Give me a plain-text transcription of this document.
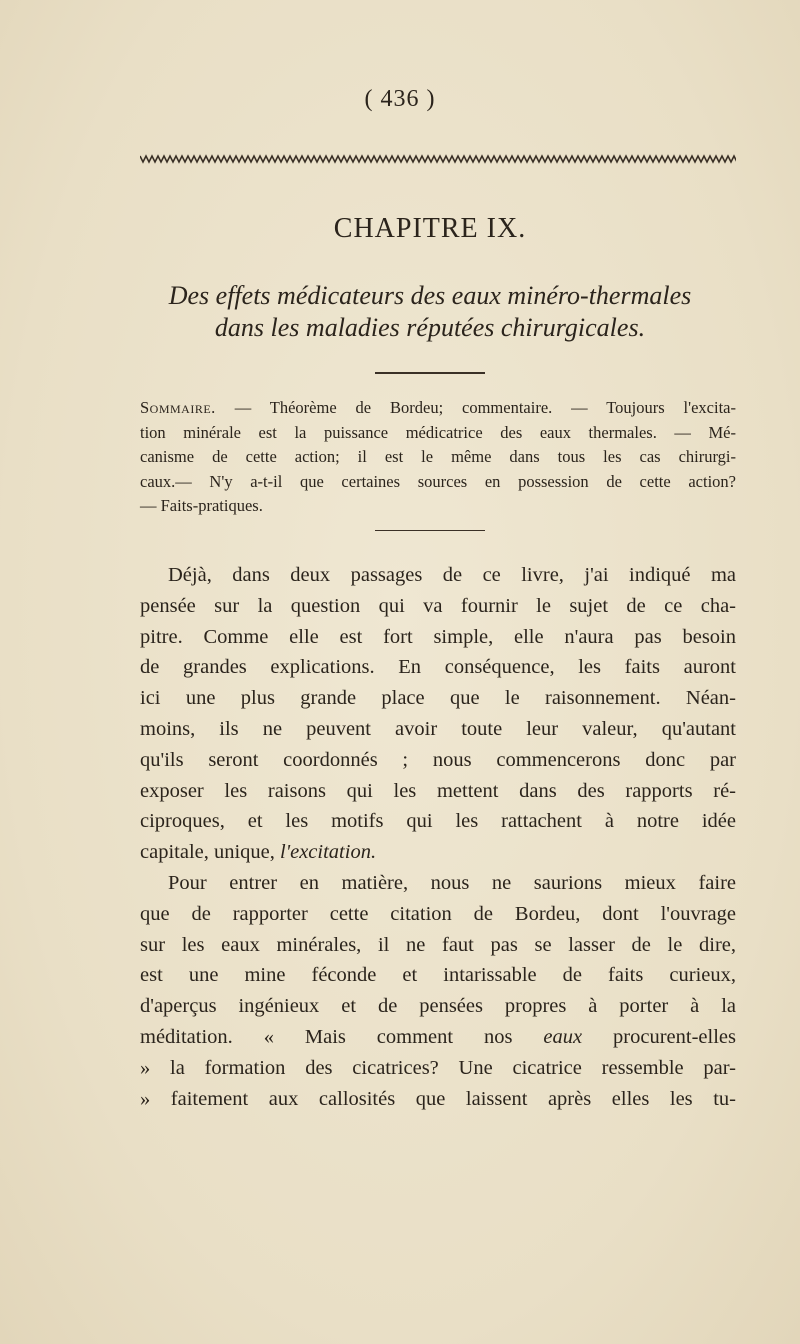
( 436 )
CHAPITRE IX.
Des effets médicateurs des eaux minéro-thermales
dans les maladies réputées chirurgicales.
Sommaire. — Théorème de Bordeu; commentaire. — Toujours l'excita-
tion minérale est la puissance médicatrice des eaux thermales. — Mé-
canisme de cette action; il est le même dans tous les cas chirurgi-
caux.— N'y a-t-il que certaines sources en possession de cette action?
— Faits-pratiques.
Déjà, dans deux passages de ce livre, j'ai indiqué ma
pensée sur la question qui va fournir le sujet de ce cha-
pitre. Comme elle est fort simple, elle n'aura pas besoin
de grandes explications. En conséquence, les faits auront
ici une plus grande place que le raisonnement. Néan-
moins, ils ne peuvent avoir toute leur valeur, qu'autant
qu'ils seront coordonnés ; nous commencerons donc par
exposer les raisons qui les mettent dans des rapports ré-
ciproques, et les motifs qui les rattachent à notre idée
capitale, unique, l'excitation.
Pour entrer en matière, nous ne saurions mieux faire
que de rapporter cette citation de Bordeu, dont l'ouvrage
sur les eaux minérales, il ne faut pas se lasser de le dire,
est une mine féconde et intarissable de faits curieux,
d'aperçus ingénieux et de pensées propres à porter à la
méditation. « Mais comment nos eaux procurent-elles
» la formation des cicatrices? Une cicatrice ressemble par-
» faitement aux callosités que laissent après elles les tu-
